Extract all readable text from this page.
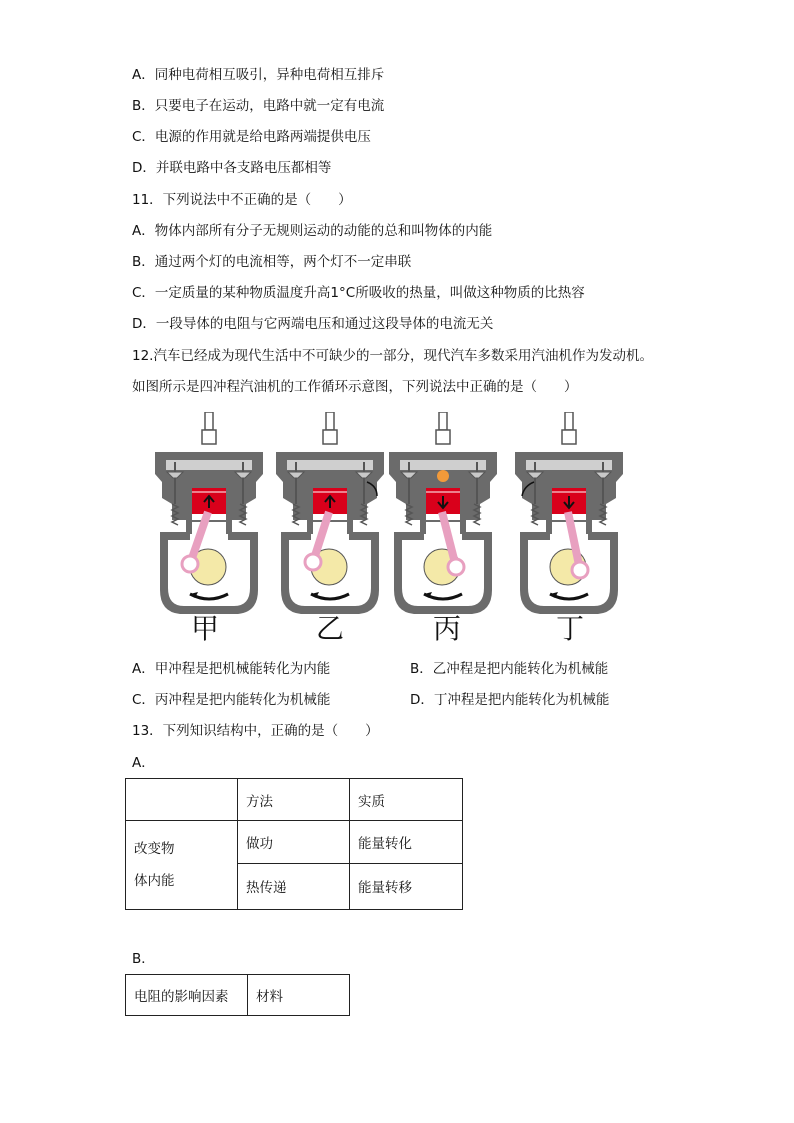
A．同种电荷相互吸引，异种电荷相互排斥
B．只要电子在运动，电路中就一定有电流
C．电源的作用就是给电路两端提供电压
D．并联电路中各支路电压都相等
11．下列说法中不正确的是（　　）
A．物体内部所有分子无规则运动的动能的总和叫物体的内能
B．通过两个灯的电流相等，两个灯不一定串联
C．一定质量的某种物质温度升高1°C所吸收的热量，叫做这种物质的比热容
D．一段导体的电阻与它两端电压和通过这段导体的电流无关
12.汽车已经成为现代生活中不可缺少的一部分，现代汽车多数采用汽油机作为发动机。
如图所示是四冲程汽油机的工作循环示意图，下列说法中正确的是（　　）
甲	乙	丙	丁
A．甲冲程是把机械能转化为内能	B．乙冲程是把内能转化为机械能
C．丙冲程是把内能转化为机械能	D．丁冲程是把内能转化为机械能
13．下列知识结构中，正确的是（　　）
A．
	方法	实质
改变物
体内能	做功	能量转化
	热传递	能量转移
B．
电阻的影响因素	材料
